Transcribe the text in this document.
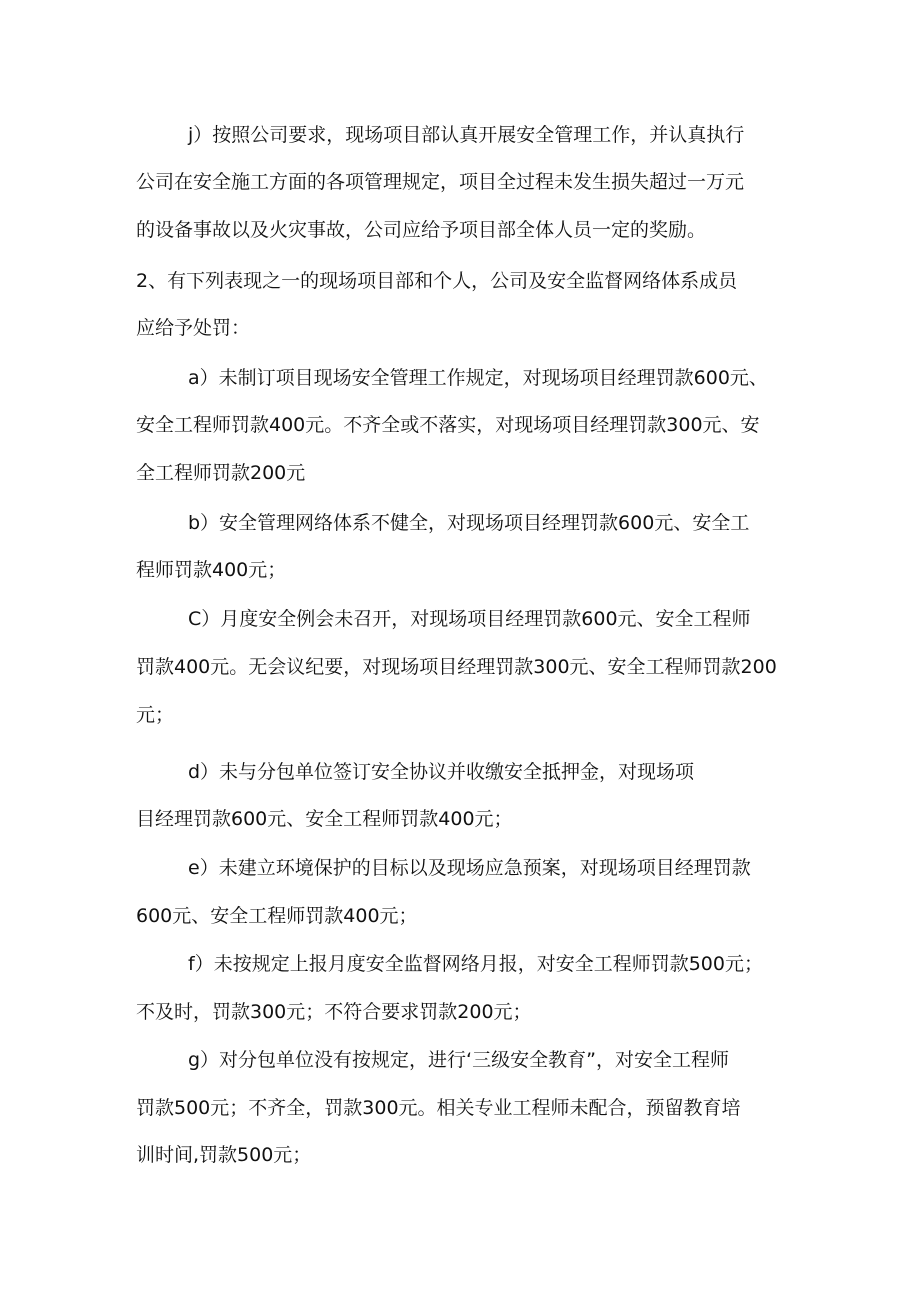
j）按照公司要求，现场项目部认真开展安全管理工作，并认真执行
公司在安全施工方面的各项管理规定，项目全过程未发生损失超过一万元
的设备事故以及火灾事故，公司应给予项目部全体人员一定的奖励。
2、有下列表现之一的现场项目部和个人，公司及安全监督网络体系成员
应给予处罚：
a）未制订项目现场安全管理工作规定，对现场项目经理罚款600元、
安全工程师罚款400元。不齐全或不落实，对现场项目经理罚款300元、安
全工程师罚款200元
b）安全管理网络体系不健全，对现场项目经理罚款600元、安全工
程师罚款400元；
C）月度安全例会未召开，对现场项目经理罚款600元、安全工程师
罚款400元。无会议纪要，对现场项目经理罚款300元、安全工程师罚款200
元；
d）未与分包单位签订安全协议并收缴安全抵押金，对现场项
目经理罚款600元、安全工程师罚款400元；
e）未建立环境保护的目标以及现场应急预案，对现场项目经理罚款
600元、安全工程师罚款400元；
f）未按规定上报月度安全监督网络月报，对安全工程师罚款500元；
不及时，罚款300元；不符合要求罚款200元；
g）对分包单位没有按规定，进行‘三级安全教育”，对安全工程师
罚款500元；不齐全，罚款300元。相关专业工程师未配合，预留教育培
训时间,罚款500元；
